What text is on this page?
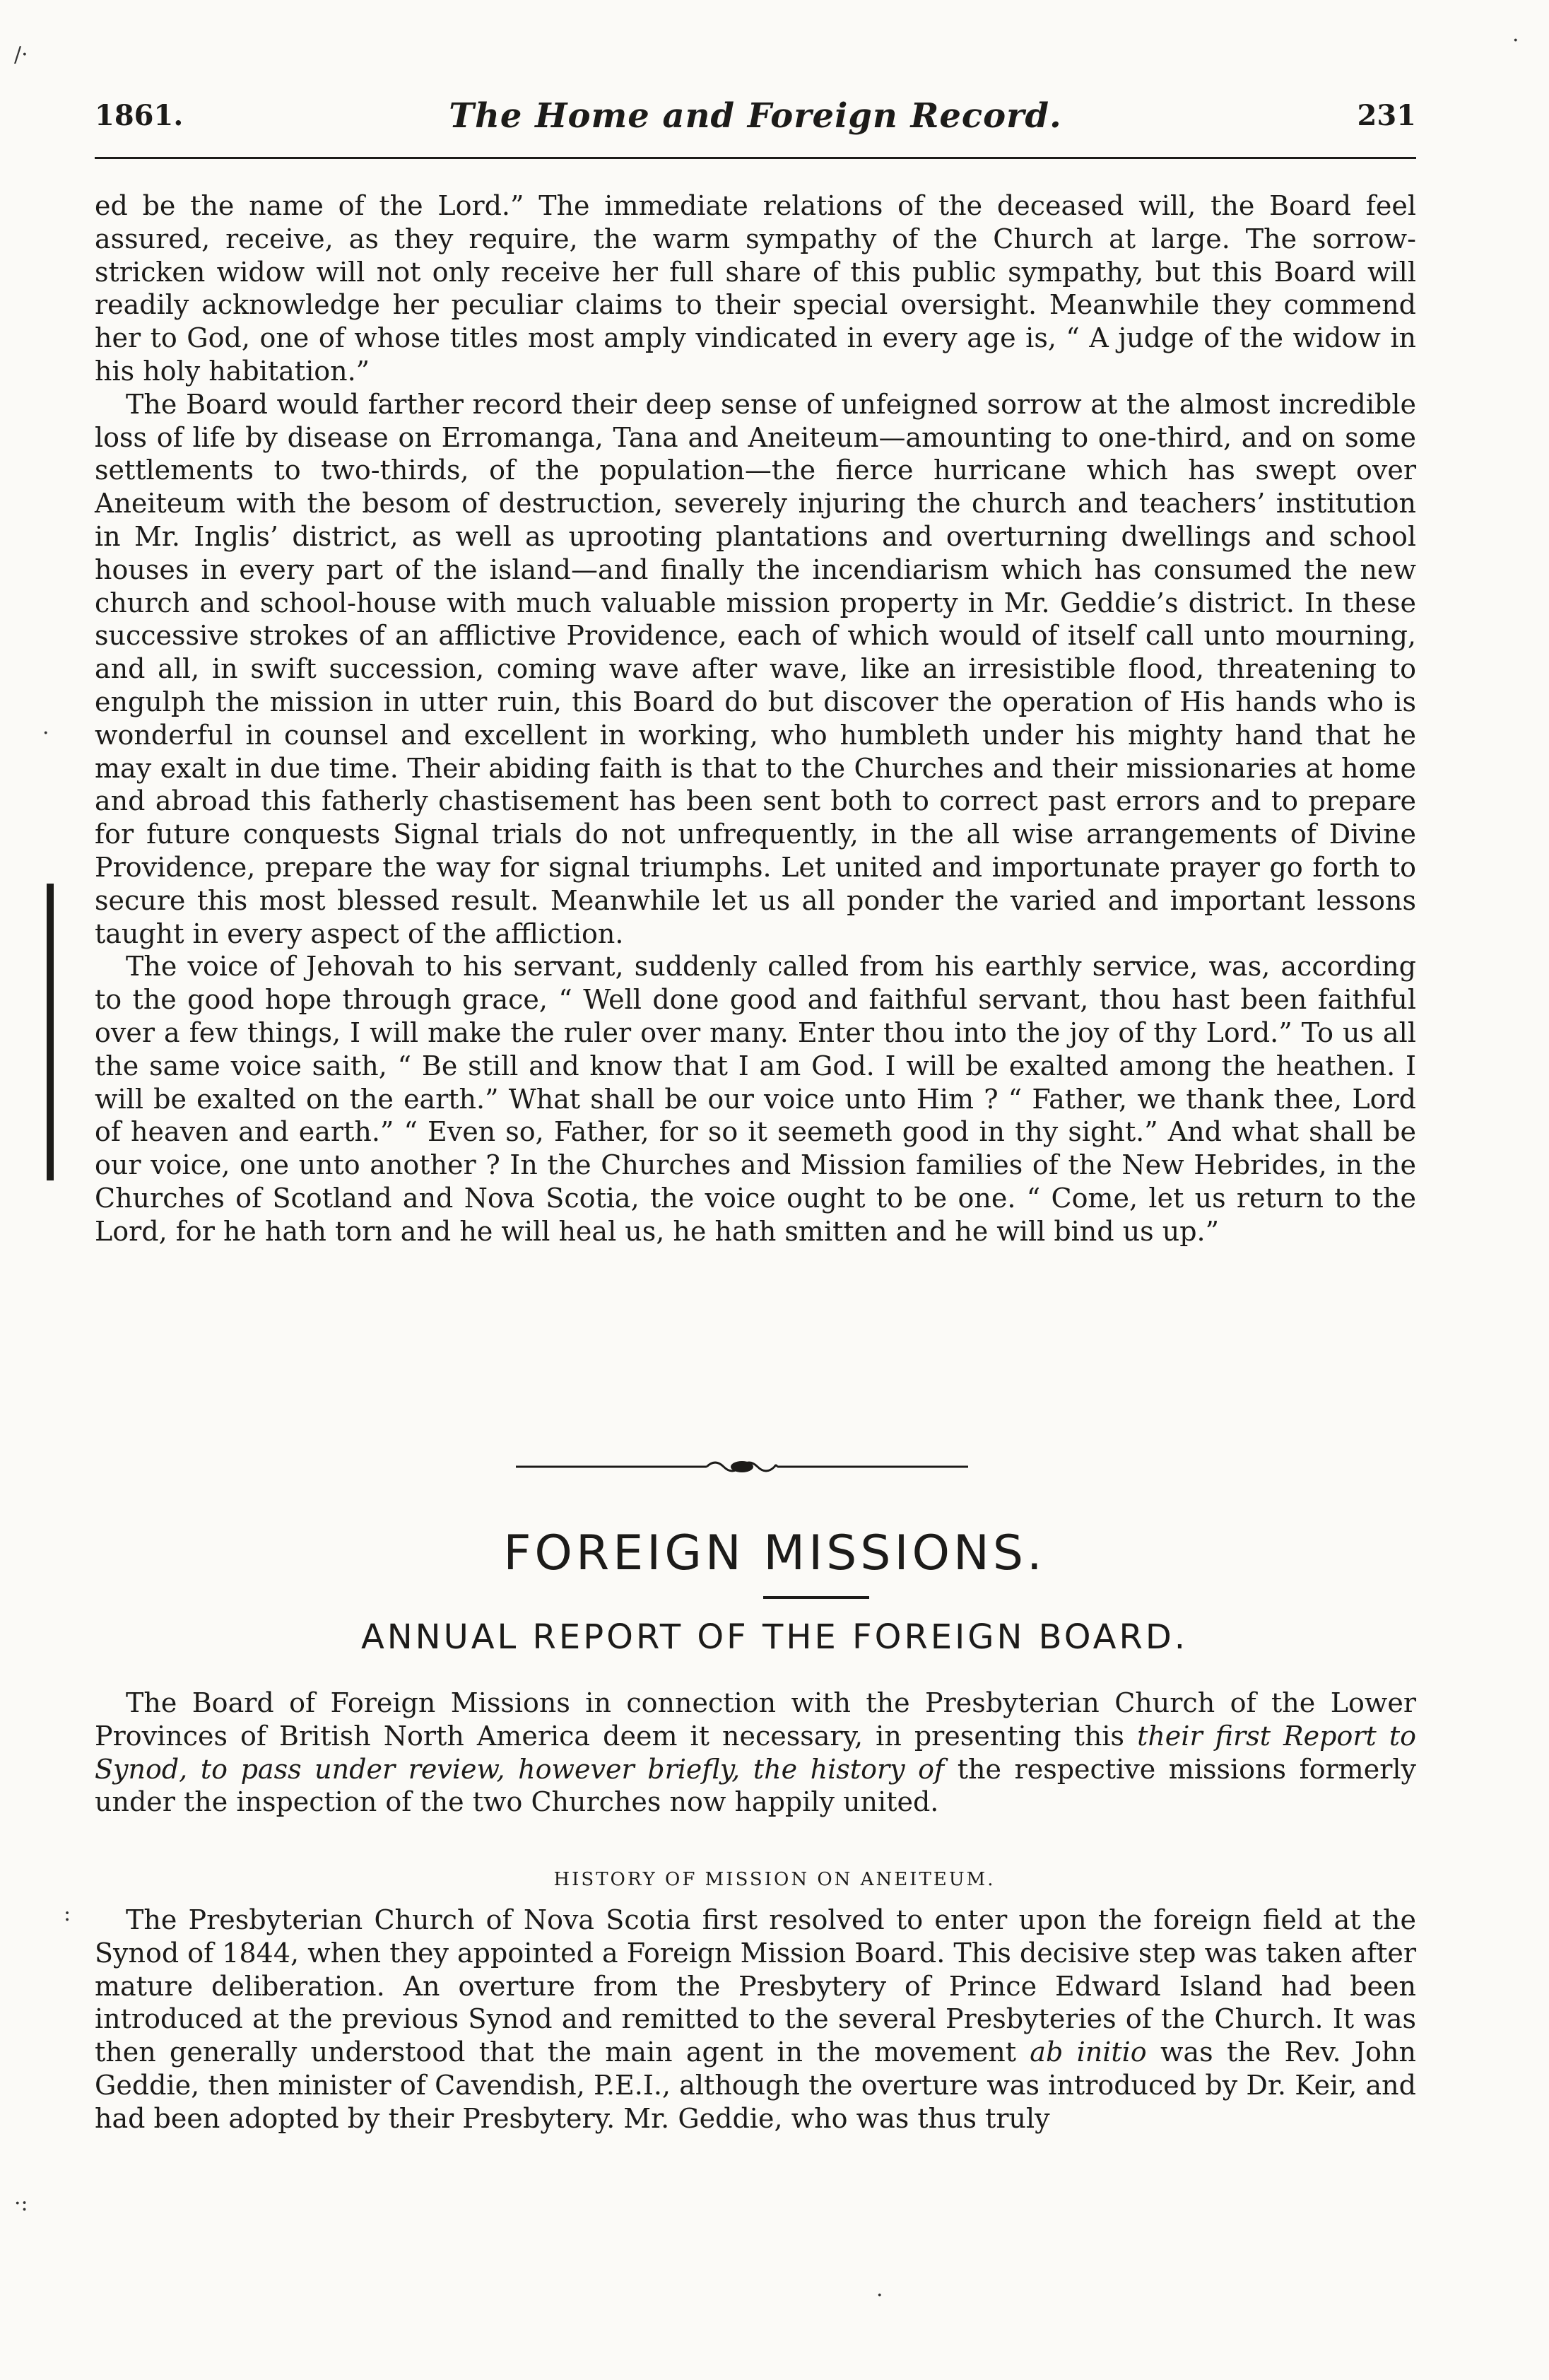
1861.	The Home and Foreign Record.	231

ed be the name of the Lord.” The immediate relations of the deceased will, the Board feel assured, receive, as they require, the warm sympathy of the Church at large. The sorrow-stricken widow will not only receive her full share of this public sympathy, but this Board will readily acknowledge her peculiar claims to their special oversight. Meanwhile they commend her to God, one of whose titles most amply vindicated in every age is, “ A judge of the widow in his holy habitation.”

The Board would farther record their deep sense of unfeigned sorrow at the almost incredible loss of life by disease on Erromanga, Tana and Aneiteum—amounting to one-third, and on some settlements to two-thirds, of the population—the fierce hurricane which has swept over Aneiteum with the besom of destruction, severely injuring the church and teachers’ institution in Mr. Inglis’ district, as well as uprooting plantations and overturning dwellings and school houses in every part of the island—and finally the incendiarism which has consumed the new church and school-house with much valuable mission property in Mr. Geddie’s district. In these successive strokes of an afflictive Providence, each of which would of itself call unto mourning, and all, in swift succession, coming wave after wave, like an irresistible flood, threatening to engulph the mission in utter ruin, this Board do but discover the operation of His hands who is wonderful in counsel and excellent in working, who humbleth under his mighty hand that he may exalt in due time. Their abiding faith is that to the Churches and their missionaries at home and abroad this fatherly chastisement has been sent both to correct past errors and to prepare for future conquests Signal trials do not unfrequently, in the all wise arrangements of Divine Providence, prepare the way for signal triumphs. Let united and importunate prayer go forth to secure this most blessed result. Meanwhile let us all ponder the varied and important lessons taught in every aspect of the affliction.

The voice of Jehovah to his servant, suddenly called from his earthly service, was, according to the good hope through grace, “ Well done good and faithful servant, thou hast been faithful over a few things, I will make the ruler over many. Enter thou into the joy of thy Lord.” To us all the same voice saith, “ Be still and know that I am God. I will be exalted among the heathen. I will be exalted on the earth.” What shall be our voice unto Him ? “ Father, we thank thee, Lord of heaven and earth.” “ Even so, Father, for so it seemeth good in thy sight.” And what shall be our voice, one unto another ? In the Churches and Mission families of the New Hebrides, in the Churches of Scotland and Nova Scotia, the voice ought to be one. “ Come, let us return to the Lord, for he hath torn and he will heal us, he hath smitten and he will bind us up.”

FOREIGN MISSIONS.
ANNUAL REPORT OF THE FOREIGN BOARD.

The Board of Foreign Missions in connection with the Presbyterian Church of the Lower Provinces of British North America deem it necessary, in presenting this their first Report to Synod, to pass under review, however briefly, the history of the respective missions formerly under the inspection of the two Churches now happily united.

HISTORY OF MISSION ON ANEITEUM.

The Presbyterian Church of Nova Scotia first resolved to enter upon the foreign field at the Synod of 1844, when they appointed a Foreign Mission Board. This decisive step was taken after mature deliberation. An overture from the Presbytery of Prince Edward Island had been introduced at the previous Synod and remitted to the several Presbyteries of the Church. It was then generally understood that the main agent in the movement ab initio was the Rev. John Geddie, then minister of Cavendish, P.E.I., although the overture was introduced by Dr. Keir, and had been adopted by their Presbytery. Mr. Geddie, who was thus truly

/·
·
·
:
·:
·
